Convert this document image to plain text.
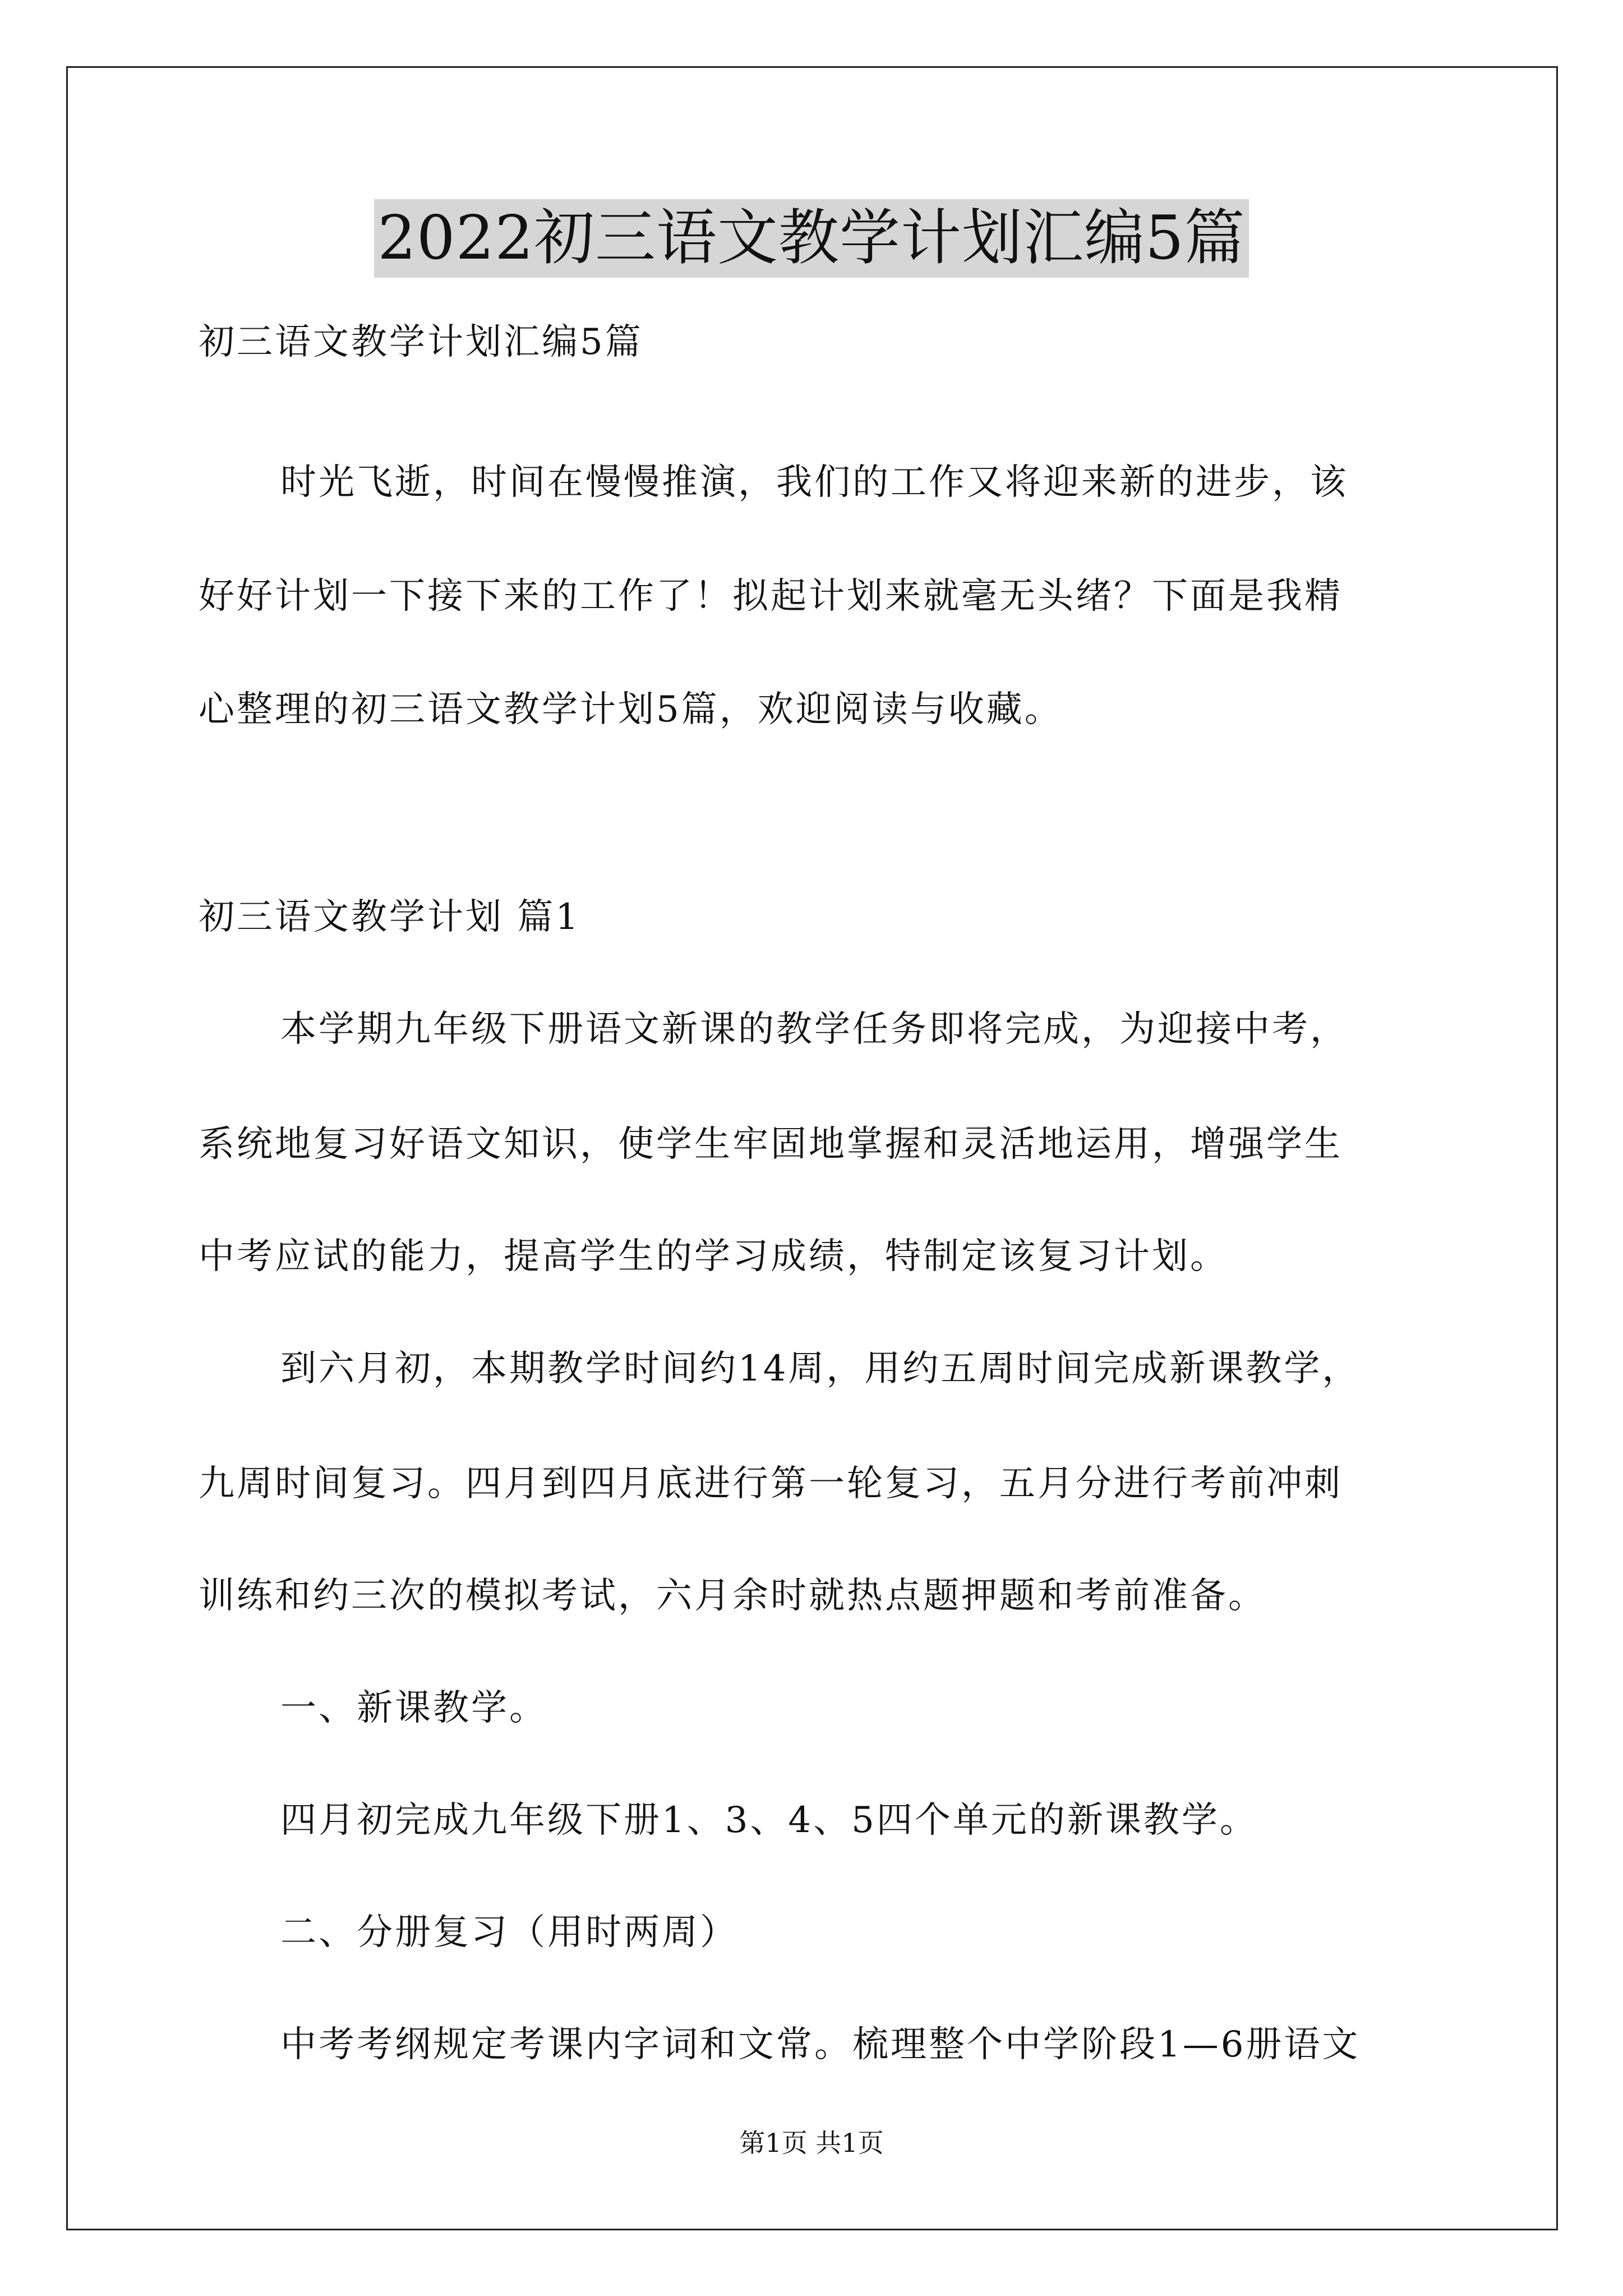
2022初三语文教学计划汇编5篇
初三语文教学计划汇编5篇
时光飞逝，时间在慢慢推演，我们的工作又将迎来新的进步，该
好好计划一下接下来的工作了！拟起计划来就毫无头绪？下面是我精
心整理的初三语文教学计划5篇，欢迎阅读与收藏。
初三语文教学计划 篇1
本学期九年级下册语文新课的教学任务即将完成，为迎接中考，
系统地复习好语文知识，使学生牢固地掌握和灵活地运用，增强学生
中考应试的能力，提高学生的学习成绩，特制定该复习计划。
到六月初，本期教学时间约14周，用约五周时间完成新课教学，
九周时间复习。四月到四月底进行第一轮复习，五月分进行考前冲刺
训练和约三次的模拟考试，六月余时就热点题押题和考前准备。
一、新课教学。
四月初完成九年级下册1、3、4、5四个单元的新课教学。
二、分册复习（用时两周）
中考考纲规定考课内字词和文常。梳理整个中学阶段1—6册语文
第1页 共1页
